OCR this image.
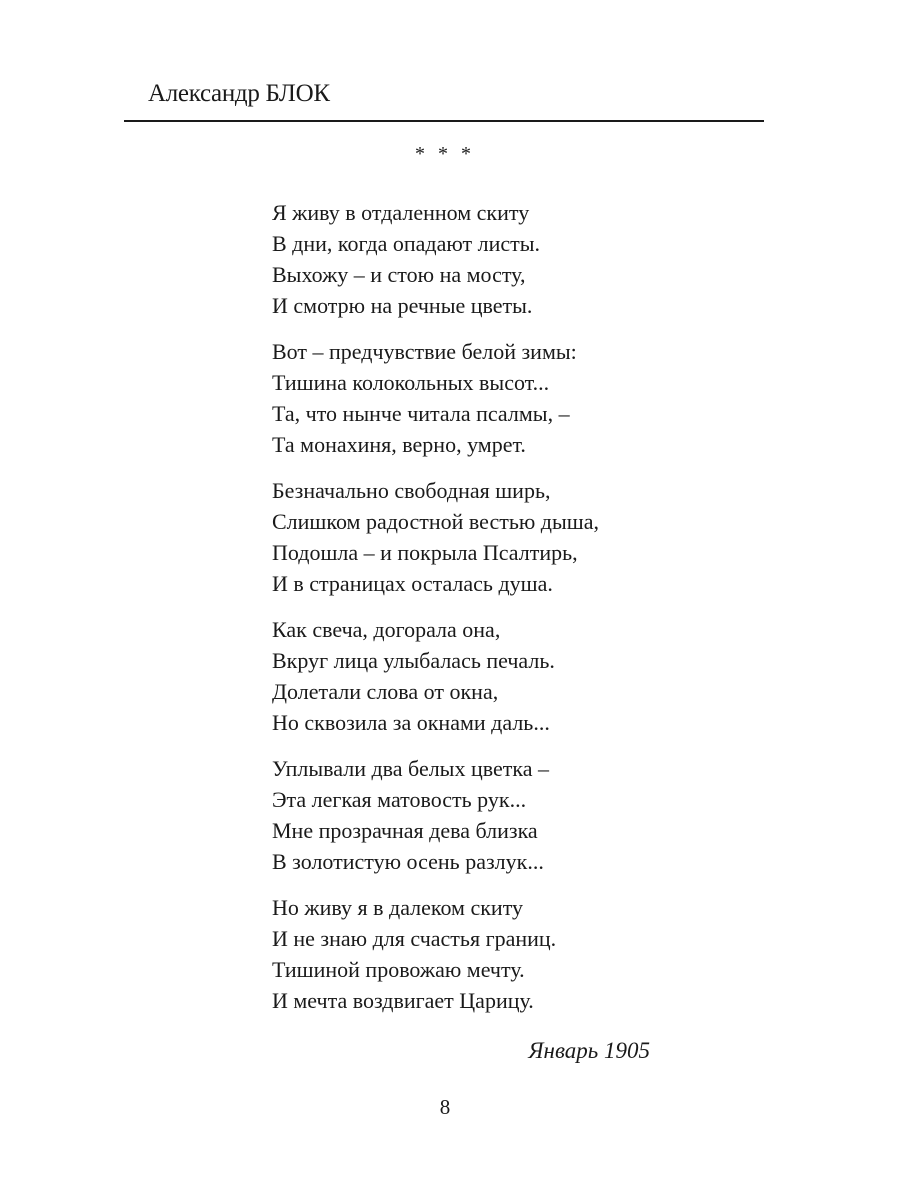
Александр БЛОК
* * *
Я живу в отдаленном скиту
В дни, когда опадают листы.
Выхожу – и стою на мосту,
И смотрю на речные цветы.
Вот – предчувствие белой зимы:
Тишина колокольных высот...
Та, что нынче читала псалмы, –
Та монахиня, верно, умрет.
Безначально свободная ширь,
Слишком радостной вестью дыша,
Подошла – и покрыла Псалтирь,
И в страницах осталась душа.
Как свеча, догорала она,
Вкруг лица улыбалась печаль.
Долетали слова от окна,
Но сквозила за окнами даль...
Уплывали два белых цветка –
Эта легкая матовость рук...
Мне прозрачная дева близка
В золотистую осень разлук...
Но живу я в далеком скиту
И не знаю для счастья границ.
Тишиной провожаю мечту.
И мечта воздвигает Царицу.
Январь 1905
8
